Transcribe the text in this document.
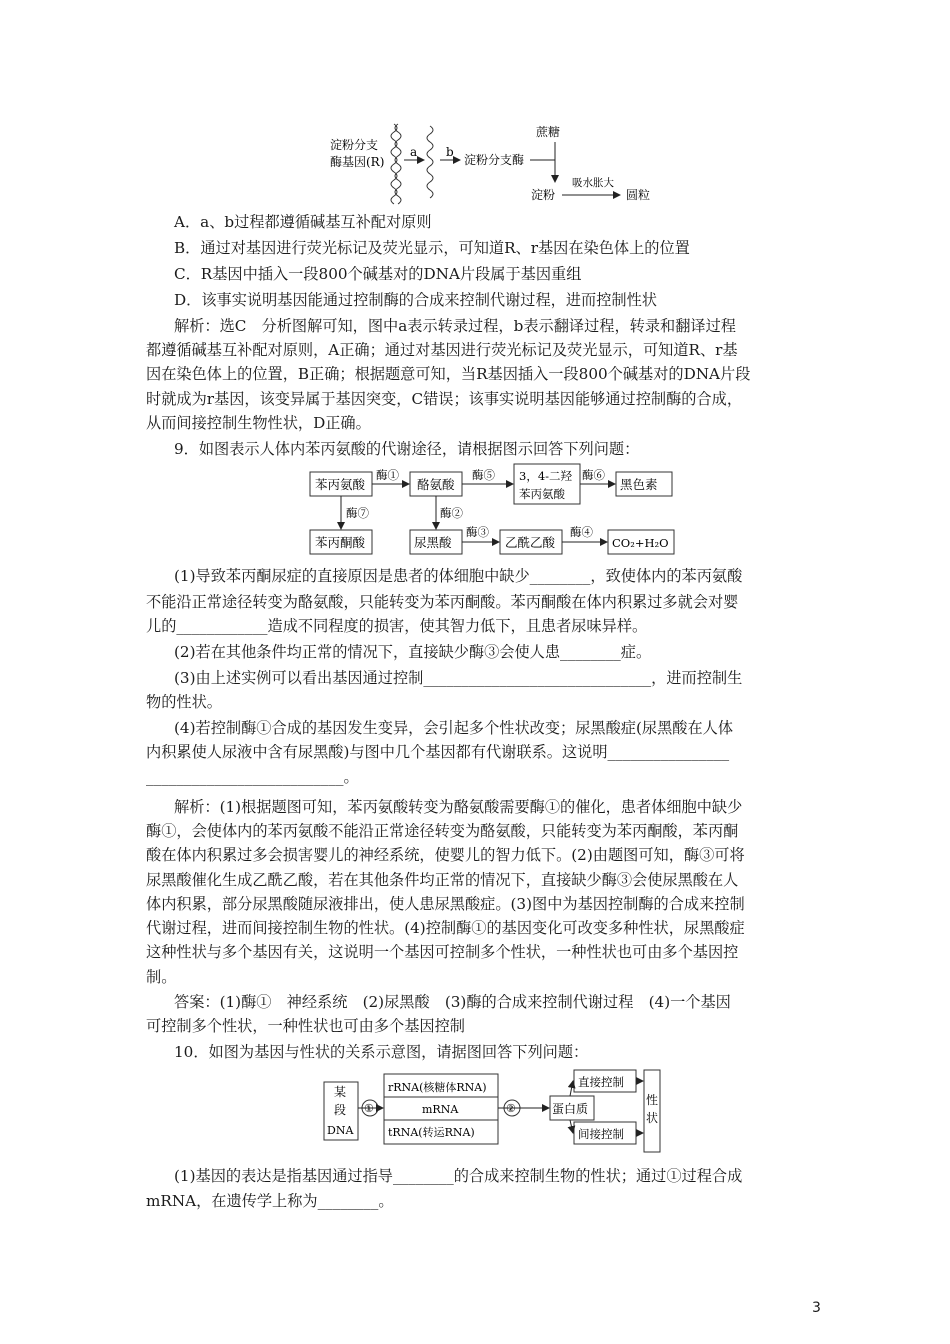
淀粉分支
酶基因(R)
a b
淀粉分支酶
蔗糖
淀粉
吸水胀大
圆粒
A．a、b过程都遵循碱基互补配对原则
B．通过对基因进行荧光标记及荧光显示，可知道R、r基因在染色体上的位置
C．R基因中插入一段800个碱基对的DNA片段属于基因重组
D．该事实说明基因能通过控制酶的合成来控制代谢过程，进而控制性状
解析：选C　分析图解可知，图中a表示转录过程，b表示翻译过程，转录和翻译过程
都遵循碱基互补配对原则，A正确；通过对基因进行荧光标记及荧光显示，可知道R、r基
因在染色体上的位置，B正确；根据题意可知，当R基因插入一段800个碱基对的DNA片段
时就成为r基因，该变异属于基因突变，C错误；该事实说明基因能够通过控制酶的合成，
从而间接控制生物性状，D正确。
9．如图表示人体内苯丙氨酸的代谢途径，请根据图示回答下列问题：
苯丙氨酸
酶①
酪氨酸
酶⑤ 3，4-二羟
苯丙氨酸
酶⑥
黑色素
酶⑦	酶②
苯丙酮酸	尿黑酸
酶③
乙酰乙酸
酶④
CO₂+H₂O
(1)导致苯丙酮尿症的直接原因是患者的体细胞中缺少________，致使体内的苯丙氨酸
不能沿正常途径转变为酪氨酸，只能转变为苯丙酮酸。苯丙酮酸在体内积累过多就会对婴
儿的____________造成不同程度的损害，使其智力低下，且患者尿味异样。
(2)若在其他条件均正常的情况下，直接缺少酶③会使人患________症。
(3)由上述实例可以看出基因通过控制______________________________，进而控制生
物的性状。
(4)若控制酶①合成的基因发生变异，会引起多个性状改变；尿黑酸症(尿黑酸在人体
内积累使人尿液中含有尿黑酸)与图中几个基因都有代谢联系。这说明________________
__________________________。
解析：(1)根据题图可知，苯丙氨酸转变为酪氨酸需要酶①的催化，患者体细胞中缺少
酶①，会使体内的苯丙氨酸不能沿正常途径转变为酪氨酸，只能转变为苯丙酮酸，苯丙酮
酸在体内积累过多会损害婴儿的神经系统，使婴儿的智力低下。(2)由题图可知，酶③可将
尿黑酸催化生成乙酰乙酸，若在其他条件均正常的情况下，直接缺少酶③会使尿黑酸在人
体内积累，部分尿黑酸随尿液排出，使人患尿黑酸症。(3)图中为基因控制酶的合成来控制
代谢过程，进而间接控制生物的性状。(4)控制酶①的基因变化可改变多种性状，尿黑酸症
这种性状与多个基因有关，这说明一个基因可控制多个性状，一种性状也可由多个基因控
制。
答案：(1)酶①　神经系统　(2)尿黑酸　(3)酶的合成来控制代谢过程　(4)一个基因
可控制多个性状，一种性状也可由多个基因控制
10．如图为基因与性状的关系示意图，请据图回答下列问题：
某
段
DNA
①
rRNA(核糖体RNA)
mRNA
tRNA(转运RNA)
②	蛋白质
直接控制
间接控制
性
状
(1)基因的表达是指基因通过指导________的合成来控制生物的性状；通过①过程合成
mRNA，在遗传学上称为________。
3
